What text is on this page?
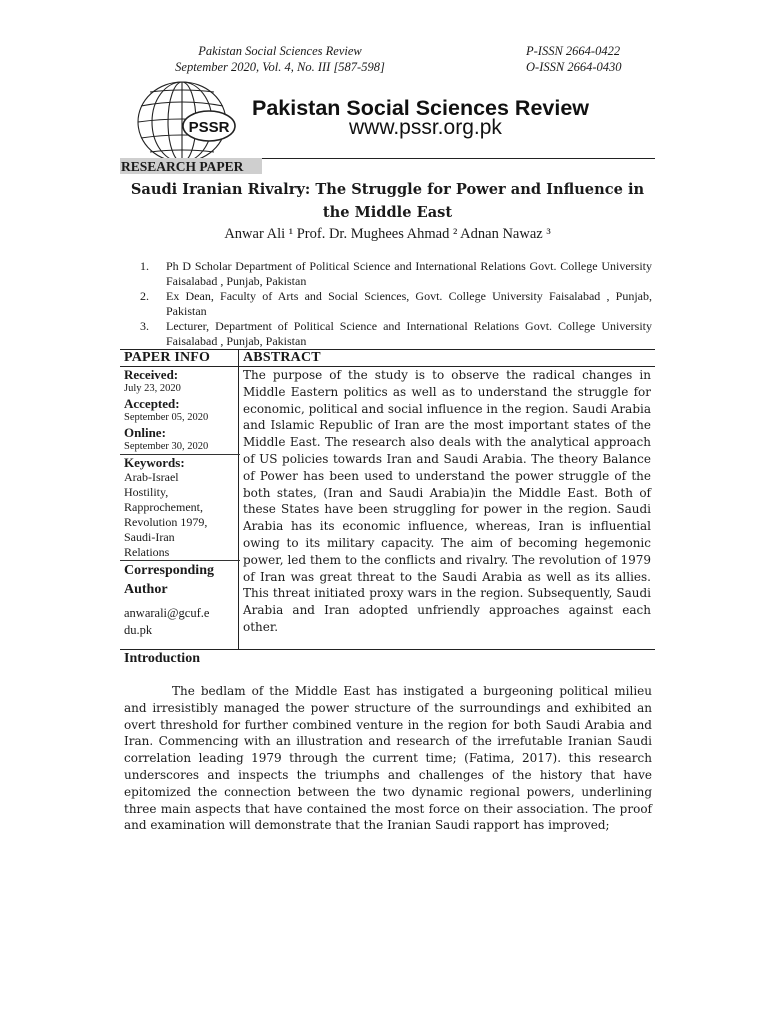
Pakistan Social Sciences Review
September 2020, Vol. 4, No. III [587-598]
P-ISSN 2664-0422
O-ISSN 2664-0430
PSSR
Pakistan Social Sciences Review
www.pssr.org.pk
RESEARCH PAPER
Saudi Iranian Rivalry: The Struggle for Power and Influence in the Middle East
Anwar Ali ¹ Prof. Dr. Mughees Ahmad ² Adnan Nawaz ³
1. Ph D Scholar Department of Political Science and International Relations Govt. College University Faisalabad , Punjab, Pakistan
2. Ex Dean, Faculty of Arts and Social Sciences, Govt. College University Faisalabad , Punjab, Pakistan
3. Lecturer, Department of Political Science and International Relations Govt. College University Faisalabad , Punjab, Pakistan
PAPER INFO ABSTRACT
Received:
July 23, 2020
Accepted:
September 05, 2020
Online:
September 30, 2020
Keywords:
Arab-Israel
Hostility,
Rapprochement,
Revolution 1979,
Saudi-Iran
Relations
Corresponding
Author
anwarali@gcuf.e
du.pk

The purpose of the study is to observe the radical changes in Middle Eastern politics as well as to understand the struggle for economic, political and social influence in the region. Saudi Arabia and Islamic Republic of Iran are the most important states of the Middle East. The research also deals with the analytical approach of US policies towards Iran and Saudi Arabia. The theory Balance of Power has been used to understand the power struggle of the both states, (Iran and Saudi Arabia)in the Middle East. Both of these States have been struggling for power in the region. Saudi Arabia has its economic influence, whereas, Iran is influential owing to its military capacity. The aim of becoming hegemonic power, led them to the conflicts and rivalry. The revolution of 1979 of Iran was great threat to the Saudi Arabia as well as its allies. This threat initiated proxy wars in the region. Subsequently, Saudi Arabia and Iran adopted unfriendly approaches against each other.

Introduction

The bedlam of the Middle East has instigated a burgeoning political milieu and irresistibly managed the power structure of the surroundings and exhibited an overt threshold for further combined venture in the region for both Saudi Arabia and Iran. Commencing with an illustration and research of the irrefutable Iranian Saudi correlation leading 1979 through the current time; (Fatima, 2017). this research underscores and inspects the triumphs and challenges of the history that have epitomized the connection between the two dynamic regional powers, underlining three main aspects that have contained the most force on their association. The proof and examination will demonstrate that the Iranian Saudi rapport has improved;
